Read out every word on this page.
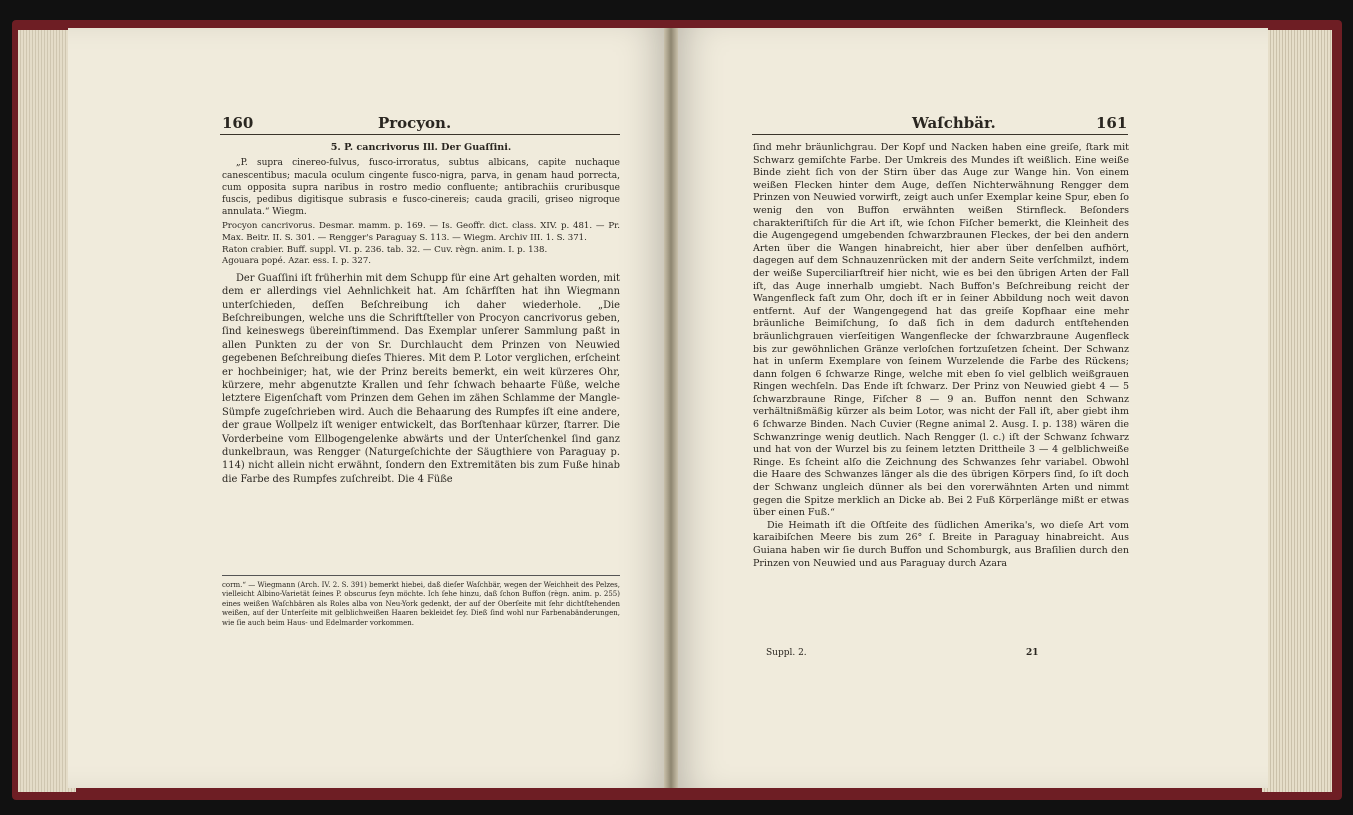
160	Procyon.

5. P. cancrivorus Ill. Der Guaſſini.

„P. supra cinereo-fulvus, fusco-irroratus, subtus albicans, capite nuchaque canescentibus; macula oculum cingente fusco-nigra, parva, in genam haud porrecta, cum opposita supra naribus in rostro medio confluente; antibrachiis cruribusque fuscis, pedibus digitisque subrasis e fusco-cinereis; cauda gracili, griseo nigroque annulata.“ Wiegm.

Procyon cancrivorus. Desmar. mamm. p. 169. — Is. Geoffr. dict. class. XIV. p. 481. — Pr. Max. Beitr. II. S. 301. — Rengger's Paraguay S. 113. — Wiegm. Archiv III. 1. S. 371.

Raton crabier. Buff. suppl. VI. p. 236. tab. 32. — Cuv. règn. anim. I. p. 138.

Agouara popé. Azar. ess. I. p. 327.

Der Guaſſini iſt früherhin mit dem Schupp für eine Art gehalten worden, mit dem er allerdings viel Aehnlichkeit hat. Am ſchärfſten hat ihn Wiegmann unterſchieden, deſſen Beſchreibung ich daher wiederhole. „Die Beſchreibungen, welche uns die Schriftſteller von Procyon cancrivorus geben, ſind keineswegs übereinſtimmend. Das Exemplar unſerer Sammlung paßt in allen Punkten zu der von Sr. Durchlaucht dem Prinzen von Neuwied gegebenen Beſchreibung dieſes Thieres. Mit dem P. Lotor verglichen, erſcheint er hochbeiniger; hat, wie der Prinz bereits bemerkt, ein weit kürzeres Ohr, kürzere, mehr abgenutzte Krallen und ſehr ſchwach behaarte Füße, welche letztere Eigenſchaft vom Prinzen dem Gehen im zähen Schlamme der Mangle-Sümpfe zugeſchrieben wird. Auch die Behaarung des Rumpfes iſt eine andere, der graue Wollpelz iſt weniger entwickelt, das Borſtenhaar kürzer, ſtarrer. Die Vorderbeine vom Ellbogengelenke abwärts und der Unterſchenkel ſind ganz dunkelbraun, was Rengger (Naturgeſchichte der Säugthiere von Paraguay p. 114) nicht allein nicht erwähnt, ſondern den Extremitäten bis zum Fuße hinab die Farbe des Rumpfes zuſchreibt. Die 4 Füße

corm.“ — Wiegmann (Arch. IV. 2. S. 391) bemerkt hiebei, daß dieſer Waſchbär, wegen der Weichheit des Pelzes, vielleicht Albino-Varietät ſeines P. obscurus ſeyn möchte. Ich ſehe hinzu, daß ſchon Buffon (règn. anim. p. 255) eines weißen Waſchbären als Roles alba von Neu-York gedenkt, der auf der Oberſeite mit ſehr dichtſtehenden weißen, auf der Unterſeite mit gelblichweißen Haaren bekleidet ſey. Dieß ſind wohl nur Farbenabänderungen, wie ſie auch beim Haus- und Edelmarder vorkommen.
Waſchbär.	161

ſind mehr bräunlichgrau. Der Kopf und Nacken haben eine greiſe, ſtark mit Schwarz gemiſchte Farbe. Der Umkreis des Mundes iſt weißlich. Eine weiße Binde zieht ſich von der Stirn über das Auge zur Wange hin. Von einem weißen Flecken hinter dem Auge, deſſen Nichterwähnung Rengger dem Prinzen von Neuwied vorwirft, zeigt auch unſer Exemplar keine Spur, eben ſo wenig den von Buffon erwähnten weißen Stirnfleck. Beſonders charakteriſtiſch für die Art iſt, wie ſchon Fiſcher bemerkt, die Kleinheit des die Augengegend umgebenden ſchwarzbraunen Fleckes, der bei den andern Arten über die Wangen hinabreicht, hier aber über denſelben aufhört, dagegen auf dem Schnauzenrücken mit der andern Seite verſchmilzt, indem der weiße Superciliarſtreif hier nicht, wie es bei den übrigen Arten der Fall iſt, das Auge innerhalb umgiebt. Nach Buffon's Beſchreibung reicht der Wangenfleck faſt zum Ohr, doch iſt er in ſeiner Abbildung noch weit davon entfernt. Auf der Wangengegend hat das greiſe Kopfhaar eine mehr bräunliche Beimiſchung, ſo daß ſich in dem dadurch entſtehenden bräunlichgrauen vierſeitigen Wangenflecke der ſchwarzbraune Augenfleck bis zur gewöhnlichen Gränze verloſchen fortzuſetzen ſcheint. Der Schwanz hat in unſerm Exemplare von ſeinem Wurzelende die Farbe des Rückens; dann folgen 6 ſchwarze Ringe, welche mit eben ſo viel gelblich weißgrauen Ringen wechſeln. Das Ende iſt ſchwarz. Der Prinz von Neuwied giebt 4 — 5 ſchwarzbraune Ringe, Fiſcher 8 — 9 an. Buffon nennt den Schwanz verhältnißmäßig kürzer als beim Lotor, was nicht der Fall iſt, aber giebt ihm 6 ſchwarze Binden. Nach Cuvier (Regne animal 2. Ausg. I. p. 138) wären die Schwanzringe wenig deutlich. Nach Rengger (l. c.) iſt der Schwanz ſchwarz und hat von der Wurzel bis zu ſeinem letzten Drittheile 3 — 4 gelblichweiße Ringe. Es ſcheint alſo die Zeichnung des Schwanzes ſehr variabel. Obwohl die Haare des Schwanzes länger als die des übrigen Körpers ſind, ſo iſt doch der Schwanz ungleich dünner als bei den vorerwähnten Arten und nimmt gegen die Spitze merklich an Dicke ab. Bei 2 Fuß Körperlänge mißt er etwas über einen Fuß.“

Die Heimath iſt die Oſtſeite des ſüdlichen Amerika's, wo dieſe Art vom karaibiſchen Meere bis zum 26° ſ. Breite in Paraguay hinabreicht. Aus Guiana haben wir ſie durch Buffon und Schomburgk, aus Braſilien durch den Prinzen von Neuwied und aus Paraguay durch Azara

Suppl. 2.	21
